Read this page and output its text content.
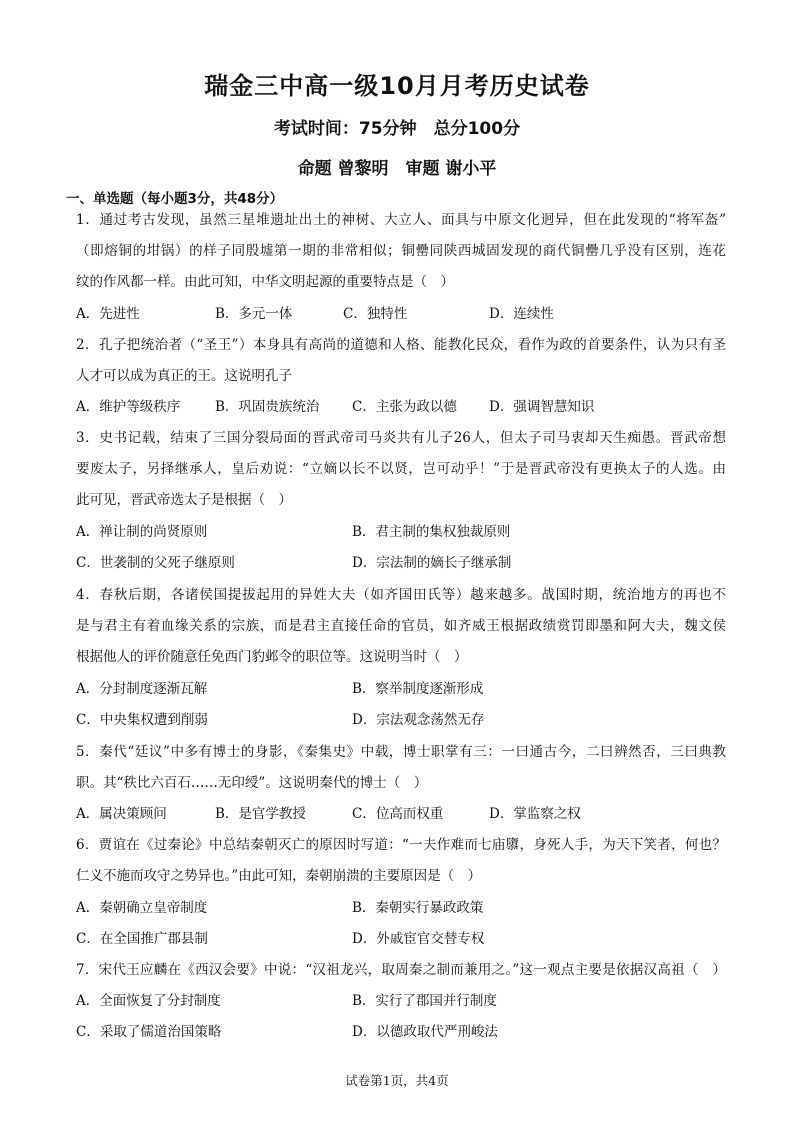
瑞金三中高一级10月月考历史试卷
考试时间：75分钟　总分100分
命题 曾黎明　审题 谢小平
一、单选题（每小题3分，共48分）
1．通过考古发现，虽然三星堆遗址出土的神树、大立人、面具与中原文化迥异，但在此发现的“将军盔”
（即熔铜的坩锅）的样子同殷墟第一期的非常相似；铜罍同陕西城固发现的商代铜罍几乎没有区别，连花
纹的作风都一样。由此可知，中华文明起源的重要特点是（　）
A．先进性	B．多元一体	C．独特性	D．连续性
2．孔子把统治者（“圣王”）本身具有高尚的道德和人格、能教化民众，看作为政的首要条件，认为只有圣
人才可以成为真正的王。这说明孔子
A．维护等级秩序	B．巩固贵族统治 C．主张为政以德 D．强调智慧知识
3．史书记载，结束了三国分裂局面的晋武帝司马炎共有儿子26人，但太子司马衷却天生痴愚。晋武帝想
要废太子，另择继承人，皇后劝说：“立嫡以长不以贤，岂可动乎！”于是晋武帝没有更换太子的人选。由
此可见，晋武帝选太子是根据（　）
A．禅让制的尚贤原则	B．君主制的集权独裁原则
C．世袭制的父死子继原则	D．宗法制的嫡长子继承制
4．春秋后期，各诸侯国提拔起用的异姓大夫（如齐国田氏等）越来越多。战国时期，统治地方的再也不
是与君主有着血缘关系的宗族，而是君主直接任命的官员，如齐威王根据政绩赏罚即墨和阿大夫，魏文侯
根据他人的评价随意任免西门豹邺令的职位等。这说明当时（　）
A．分封制度逐渐瓦解	B．察举制度逐渐形成
C．中央集权遭到削弱	D．宗法观念荡然无存
5．秦代“廷议”中多有博士的身影，《秦集史》中载，博士职掌有三：一曰通古今，二曰辨然否，三曰典教
职。其“秩比六百石……无印绶”。这说明秦代的博士（　）
A．属决策顾问	B．是官学教授	C．位高而权重	D．掌监察之权
6．贾谊在《过秦论》中总结秦朝灭亡的原因时写道：“一夫作难而七庙隳，身死人手，为天下笑者，何也？
仁义不施而攻守之势异也。”由此可知，秦朝崩溃的主要原因是（　）
A．秦朝确立皇帝制度	B．秦朝实行暴政政策
C．在全国推广郡县制	D．外戚宦官交替专权
7．宋代王应麟在《西汉会要》中说：“汉祖龙兴，取周秦之制而兼用之。”这一观点主要是依据汉高祖（　）
A．全面恢复了分封制度	B．实行了郡国并行制度
C．采取了儒道治国策略	D．以德政取代严刑峻法
试卷第1页，共4页
